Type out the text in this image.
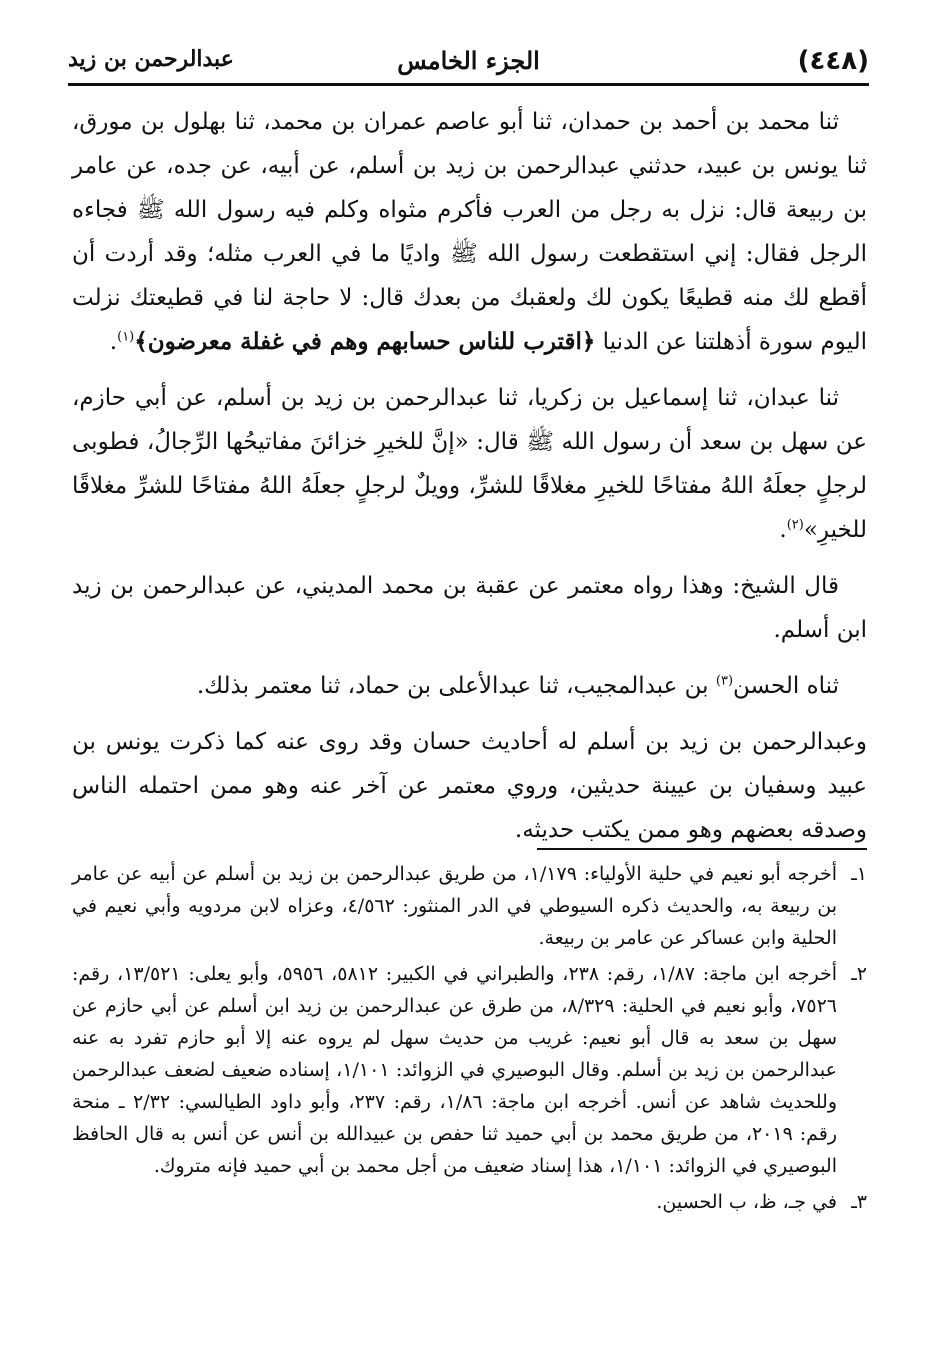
(٤٤٨)
الجزء الخامس
عبدالرحمن بن زيد

ثنا محمد بن أحمد بن حمدان، ثنا أبو عاصم عمران بن محمد، ثنا بهلول بن مورق، ثنا يونس بن عبيد، حدثني عبدالرحمن بن زيد بن أسلم، عن أبيه، عن جده، عن عامر بن ربيعة قال: نزل به رجل من العرب فأكرم مثواه وكلم فيه رسول الله ﷺ فجاءه الرجل فقال: إني استقطعت رسول الله ﷺ واديًا ما في العرب مثله؛ وقد أردت أن أقطع لك منه قطيعًا يكون لك ولعقبك من بعدك قال: لا حاجة لنا في قطيعتك نزلت اليوم سورة أذهلتنا عن الدنيا ﴿اقترب للناس حسابهم وهم في غفلة معرضون﴾$^{(١)}$.

ثنا عبدان، ثنا إسماعيل بن زكريا، ثنا عبدالرحمن بن زيد بن أسلم، عن أبي حازم، عن سهل بن سعد أن رسول الله ﷺ قال: «إنَّ للخيرِ خزائنَ مفاتيحُها الرِّجالُ، فطوبى لرجلٍ جعلَهُ اللهُ مفتاحًا للخيرِ مغلاقًا للشرِّ، وويلٌ لرجلٍ جعلَهُ اللهُ مفتاحًا للشرِّ مغلاقًا للخيرِ»$^{(٢)}$.

قال الشيخ: وهذا رواه معتمر عن عقبة بن محمد المديني، عن عبدالرحمن بن زيد ابن أسلم.

ثناه الحسن$^{(٣)}$ بن عبدالمجيب، ثنا عبدالأعلى بن حماد، ثنا معتمر بذلك.

وعبدالرحمن بن زيد بن أسلم له أحاديث حسان وقد روى عنه كما ذكرت يونس بن عبيد وسفيان بن عيينة حديثين، وروي معتمر عن آخر عنه وهو ممن احتمله الناس وصدقه بعضهم وهو ممن يكتب حديثه.

١ـ
أخرجه أبو نعيم في حلية الأولياء: ١/١٧٩، من طريق عبدالرحمن بن زيد بن أسلم عن أبيه عن عامر بن ربيعة به، والحديث ذكره السيوطي في الدر المنثور: ٤/٥٦٢، وعزاه لابن مردويه وأبي نعيم في الحلية وابن عساكر عن عامر بن ربيعة.
٢ـ
أخرجه ابن ماجة: ١/٨٧، رقم: ٢٣٨، والطبراني في الكبير: ٥٨١٢، ٥٩٥٦، وأبو يعلى: ١٣/٥٢١، رقم: ٧٥٢٦، وأبو نعيم في الحلية: ٨/٣٢٩، من طرق عن عبدالرحمن بن زيد ابن أسلم عن أبي حازم عن سهل بن سعد به قال أبو نعيم: غريب من حديث سهل لم يروه عنه إلا أبو حازم تفرد به عنه عبدالرحمن بن زيد بن أسلم. وقال البوصيري في الزوائد: ١/١٠١، إسناده ضعيف لضعف عبدالرحمن وللحديث شاهد عن أنس. أخرجه ابن ماجة: ١/٨٦، رقم: ٢٣٧، وأبو داود الطيالسي: ٢/٣٢ ـ منحة رقم: ٢٠١٩، من طريق محمد بن أبي حميد ثنا حفص بن عبيدالله بن أنس عن أنس به قال الحافظ البوصيري في الزوائد: ١/١٠١، هذا إسناد ضعيف من أجل محمد بن أبي حميد فإنه متروك.
٣ـ
في جـ، ظ، ب الحسين.
